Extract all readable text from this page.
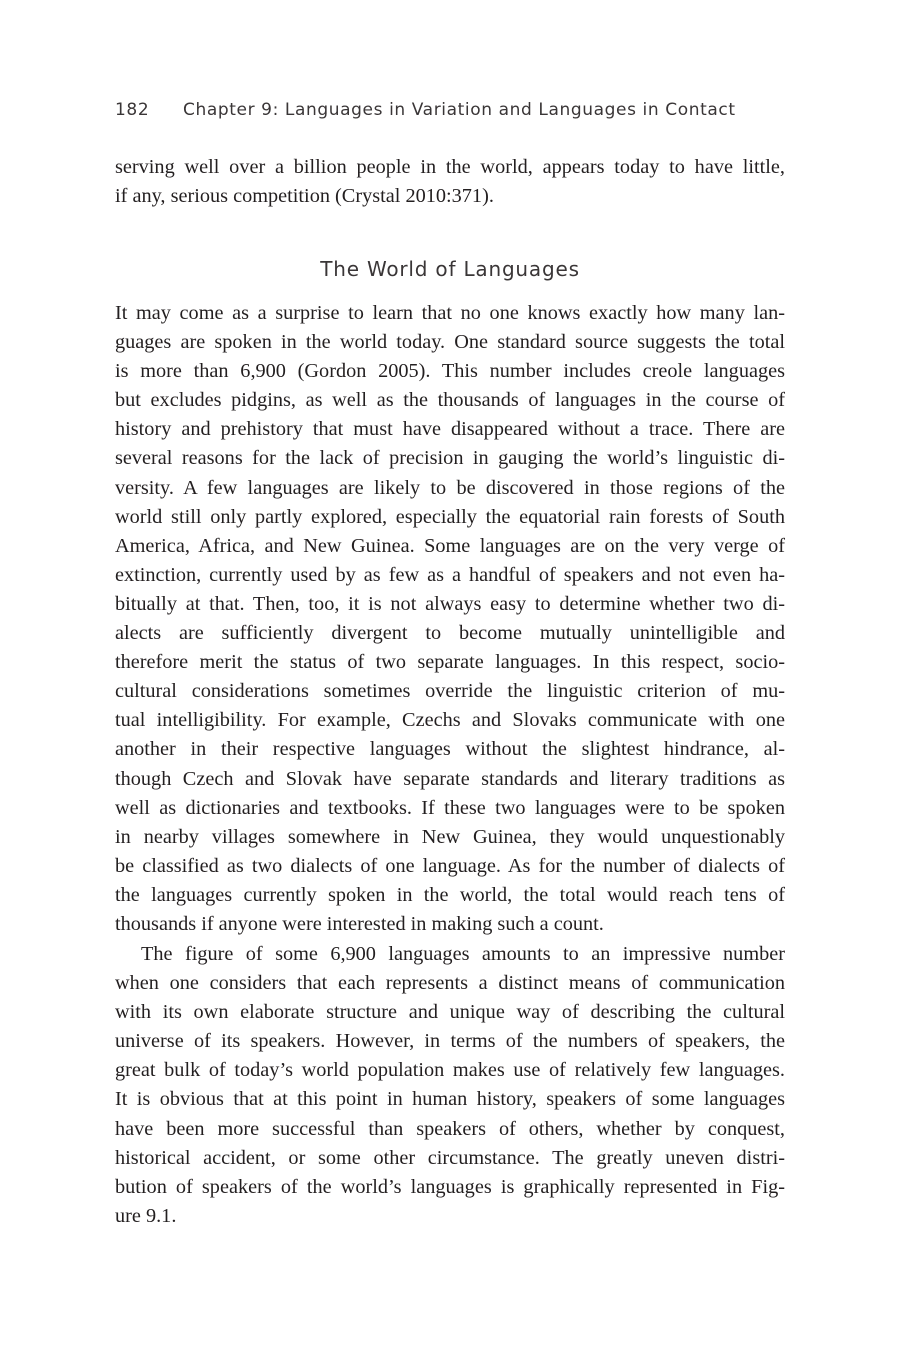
182 Chapter 9: Languages in Variation and Languages in Contact
serving well over a billion people in the world, appears today to have little,
if any, serious competition (Crystal 2010:371).
The World of Languages
It may come as a surprise to learn that no one knows exactly how many lan-
guages are spoken in the world today. One standard source suggests the total
is more than 6,900 (Gordon 2005). This number includes creole languages
but excludes pidgins, as well as the thousands of languages in the course of
history and prehistory that must have disappeared without a trace. There are
several reasons for the lack of precision in gauging the world’s linguistic di-
versity. A few languages are likely to be discovered in those regions of the
world still only partly explored, especially the equatorial rain forests of South
America, Africa, and New Guinea. Some languages are on the very verge of
extinction, currently used by as few as a handful of speakers and not even ha-
bitually at that. Then, too, it is not always easy to determine whether two di-
alects are sufficiently divergent to become mutually unintelligible and
therefore merit the status of two separate languages. In this respect, socio-
cultural considerations sometimes override the linguistic criterion of mu-
tual intelligibility. For example, Czechs and Slovaks communicate with one
another in their respective languages without the slightest hindrance, al-
though Czech and Slovak have separate standards and literary traditions as
well as dictionaries and textbooks. If these two languages were to be spoken
in nearby villages somewhere in New Guinea, they would unquestionably
be classified as two dialects of one language. As for the number of dialects of
the languages currently spoken in the world, the total would reach tens of
thousands if anyone were interested in making such a count.
The figure of some 6,900 languages amounts to an impressive number
when one considers that each represents a distinct means of communication
with its own elaborate structure and unique way of describing the cultural
universe of its speakers. However, in terms of the numbers of speakers, the
great bulk of today’s world population makes use of relatively few languages.
It is obvious that at this point in human history, speakers of some languages
have been more successful than speakers of others, whether by conquest,
historical accident, or some other circumstance. The greatly uneven distri-
bution of speakers of the world’s languages is graphically represented in Fig-
ure 9.1.
